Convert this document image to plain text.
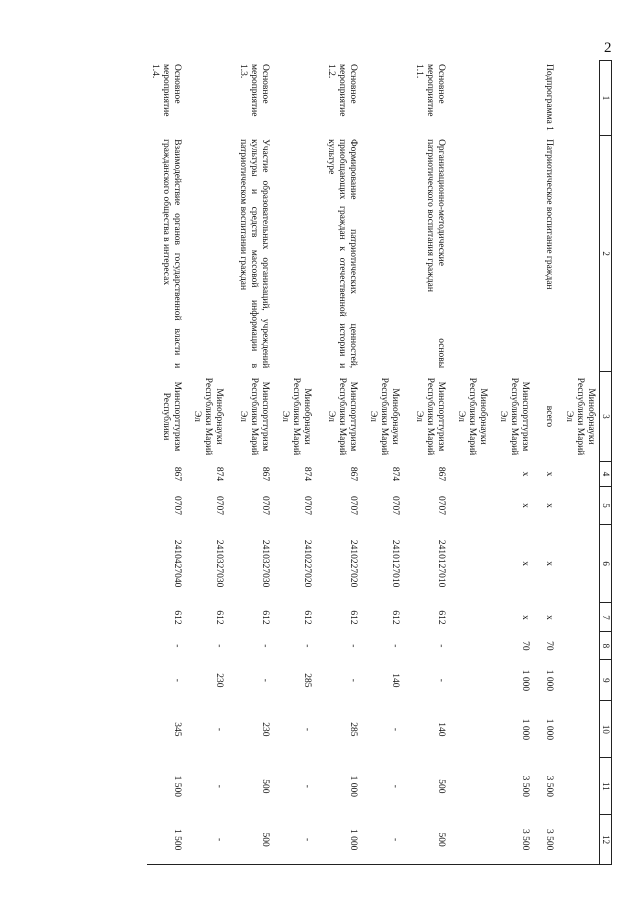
2
1	2	3	4	5	6	7	8	9	10	11	12
		Минобрнауки Республики Марий Эл									
Подпрограмма 1	Патриотическое воспитание граждан	всего	x	x	x	x	70	1 000	1 000	3 500	3 500
		Минспорттуризм Республики Марий Эл	x	x	x	x	70	1 000	1 000	3 500	3 500
		Минобрнауки Республики Марий Эл									
Основное мероприятие 1.1.	Организационно-методические основы патриотического воспитания граждан	Минспорттуризм Республики Марий Эл	867	0707	2410127010	612	-	-	140	500	500
		Минобрнауки Республики Марий Эл	874	0707	2410127010	612	-	140	-	-	-
Основное мероприятие 1.2.	Формирование патриотических ценностей, приобщающих граждан к отечественной истории и культуре	Минспорттуризм Республики Марий Эл	867	0707	2410227020	612	-	-	285	1 000	1 000
		Минобрнауки Республики Марий Эл	874	0707	2410227020	612	-	285	-	-	-
Основное мероприятие 1.3.	Участие образовательных организаций, учреждений культуры и средств массовой информации в патриотическом воспитании граждан	Минспорттуризм Республики Марий Эл	867	0707	2410327030	612	-	-	230	500	500
		Минобрнауки Республики Марий Эл	874	0707	2410327030	612	-	230	-	-	-
Основное мероприятие 1.4.	Взаимодействие органов государственной власти и гражданского общества в интересах	Минспорттуризм Республики	867	0707	2410427040	612	-	-	345	1 500	1 500
